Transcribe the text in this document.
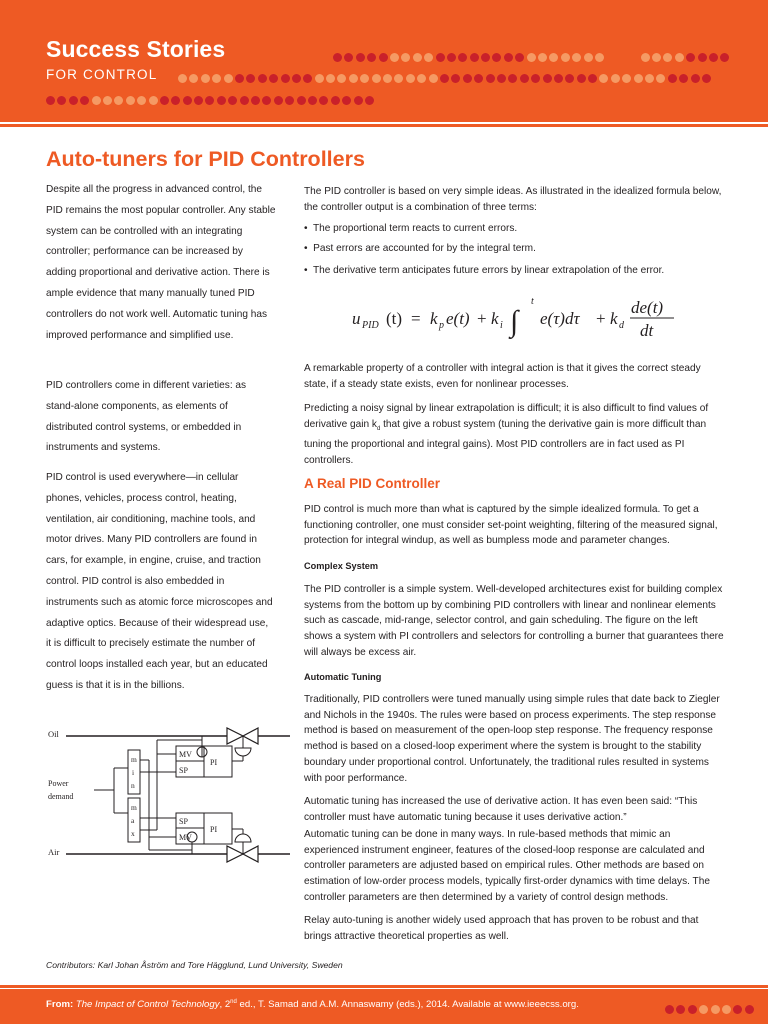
Success Stories
FOR CONTROL
Auto-tuners for PID Controllers

Despite all the progress in advanced control, the PID remains the most popular controller. Any stable system can be controlled with an integrating controller; performance can be increased by adding proportional and derivative action. There is ample evidence that many manually tuned PID controllers do not work well. Automatic tuning has improved performance and simplified use.

PID controllers come in different varieties: as stand-alone components, as elements of distributed control systems, or embedded in instruments and systems.

PID control is used everywhere—in cellular phones, vehicles, process control, heating, ventilation, air conditioning, machine tools, and motor drives. Many PID controllers are found in cars, for example, in engine, cruise, and traction control. PID control is also embedded in instruments such as atomic force microscopes and adaptive optics. Because of their widespread use, it is difficult to precisely estimate the number of control loops installed each year, but an educated guess is that it is in the billions.

Oil
Air
Power
demand
m
i
n
m
a
x
MV
SP
PI
SP
MV
PI

The PID controller is based on very simple ideas. As illustrated in the idealized formula below, the controller output is a combination of three terms:

•  The proportional term reacts to current errors.
•  Past errors are accounted for by the integral term.
•  The derivative term anticipates future errors by linear extrapolation of the error.
u PID (t) = k p e(t) + k i ∫
t
e(τ)dτ + k d
de(t)
dt

A remarkable property of a controller with integral action is that it gives the correct steady state, if a steady state exists, even for nonlinear processes.

Predicting a noisy signal by linear extrapolation is difficult; it is also difficult to find values of derivative gain $k_d$ that give a robust system (tuning the derivative gain is more difficult than tuning the proportional and integral gains). Most PID controllers are in fact used as PI controllers.

A Real PID Controller

PID control is much more than what is captured by the simple idealized formula. To get a functioning controller, one must consider set-point weighting, filtering of the measured signal, protection for integral windup, as well as bumpless mode and parameter changes.

Complex System

The PID controller is a simple system. Well-developed architectures exist for building complex systems from the bottom up by combining PID controllers with linear and nonlinear elements such as cascade, mid-range, selector control, and gain scheduling. The figure on the left shows a system with PI controllers and selectors for controlling a burner that guarantees there will always be excess air.

Automatic Tuning

Traditionally, PID controllers were tuned manually using simple rules that date back to Ziegler and Nichols in the 1940s. The rules were based on process experiments. The step response method is based on measurement of the open-loop step response. The frequency response method is based on a closed-loop experiment where the system is brought to the stability boundary under proportional control. Unfortunately, the traditional rules resulted in systems with poor performance.

Automatic tuning has increased the use of derivative action. It has even been said: “This controller must have automatic tuning because it uses derivative action.”

Automatic tuning can be done in many ways. In rule-based methods that mimic an experienced instrument engineer, features of the closed-loop response are calculated and controller parameters are adjusted based on empirical rules. Other methods are based on estimation of low-order process models, typically first-order dynamics with time delays. The controller parameters are then determined by a variety of control design methods.

Relay auto-tuning is another widely used approach that has proven to be robust and that brings attractive theoretical properties as well.

Contributors: Karl Johan Åström and Tore Hägglund, Lund University, Sweden
From: The Impact of Control Technology, 2nd ed., T. Samad and A.M. Annaswamy (eds.), 2014. Available at www.ieeecss.org.
